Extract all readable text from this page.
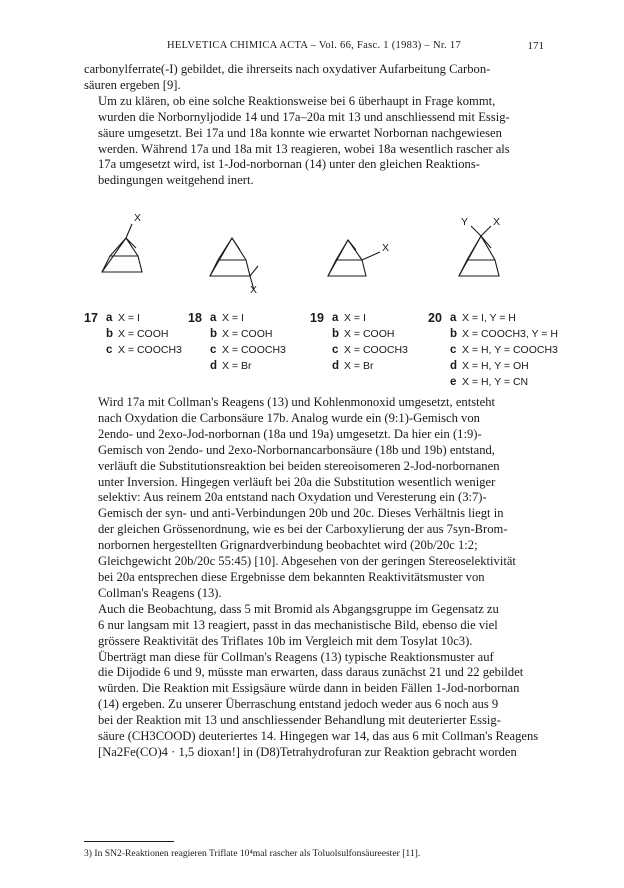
HELVETICA CHIMICA ACTA – Vol. 66, Fasc. 1 (1983) – Nr. 17	171

carbonylferrate(-I) gebildet, die ihrerseits nach oxydativer Aufarbeitung Carbon-
säuren ergeben [9].

Um zu klären, ob eine solche Reaktionsweise bei 6 überhaupt in Frage kommt,
wurden die Norbornyljodide 14 und 17a–20a mit 13 und anschliessend mit Essig-
säure umgesetzt. Bei 17a und 18a konnte wie erwartet Norbornan nachgewiesen
werden. Während 17a und 18a mit 13 reagieren, wobei 18a wesentlich rascher als
17a umgesetzt wird, ist 1-Jod-norbornan (14) unter den gleichen Reaktions-
bedingungen weitgehend inert.

X
X
X
Y X
17 a X = I
b X = COOH
c X = COOCH3
18 a X = I
b X = COOH
c X = COOCH3
d X = Br
19 a X = I
b X = COOH
c X = COOCH3
d X = Br
20 a X = I, Y = H
b X = COOCH3, Y = H
c X = H, Y = COOCH3
d X = H, Y = OH
e X = H, Y = CN

Wird 17a mit Collman's Reagens (13) und Kohlenmonoxid umgesetzt, entsteht
nach Oxydation die Carbonsäure 17b. Analog wurde ein (9:1)-Gemisch von
2endo- und 2exo-Jod-norbornan (18a und 19a) umgesetzt. Da hier ein (1:9)-
Gemisch von 2endo- und 2exo-Norbornancarbonsäure (18b und 19b) entstand,
verläuft die Substitutionsreaktion bei beiden stereoisomeren 2-Jod-norbornanen
unter Inversion. Hingegen verläuft bei 20a die Substitution wesentlich weniger
selektiv: Aus reinem 20a entstand nach Oxydation und Veresterung ein (3:7)-
Gemisch der syn- und anti-Verbindungen 20b und 20c. Dieses Verhältnis liegt in
der gleichen Grössenordnung, wie es bei der Carboxylierung der aus 7syn-Brom-
norbornen hergestellten Grignardverbindung beobachtet wird (20b/20c 1:2;
Gleichgewicht 20b/20c 55:45) [10]. Abgesehen von der geringen Stereoselektivität
bei 20a entsprechen diese Ergebnisse dem bekannten Reaktivitätsmuster von
Collman's Reagens (13).

Auch die Beobachtung, dass 5 mit Bromid als Abgangsgruppe im Gegensatz zu
6 nur langsam mit 13 reagiert, passt in das mechanistische Bild, ebenso die viel
grössere Reaktivität des Triflates 10b im Vergleich mit dem Tosylat 10c3).

Überträgt man diese für Collman's Reagens (13) typische Reaktionsmuster auf
die Dijodide 6 und 9, müsste man erwarten, dass daraus zunächst 21 und 22 gebildet
würden. Die Reaktion mit Essigsäure würde dann in beiden Fällen 1-Jod-norbornan
(14) ergeben. Zu unserer Überraschung entstand jedoch weder aus 6 noch aus 9
bei der Reaktion mit 13 und anschliessender Behandlung mit deuterierter Essig-
säure (CH3COOD) deuteriertes 14. Hingegen war 14, das aus 6 mit Collman's Reagens
[Na2Fe(CO)4 · 1,5 dioxan!] in (D8)Tetrahydrofuran zur Reaktion gebracht worden

3) In SN2-Reaktionen reagieren Triflate 10⁴mal rascher als Toluolsulfonsäureester [11].
